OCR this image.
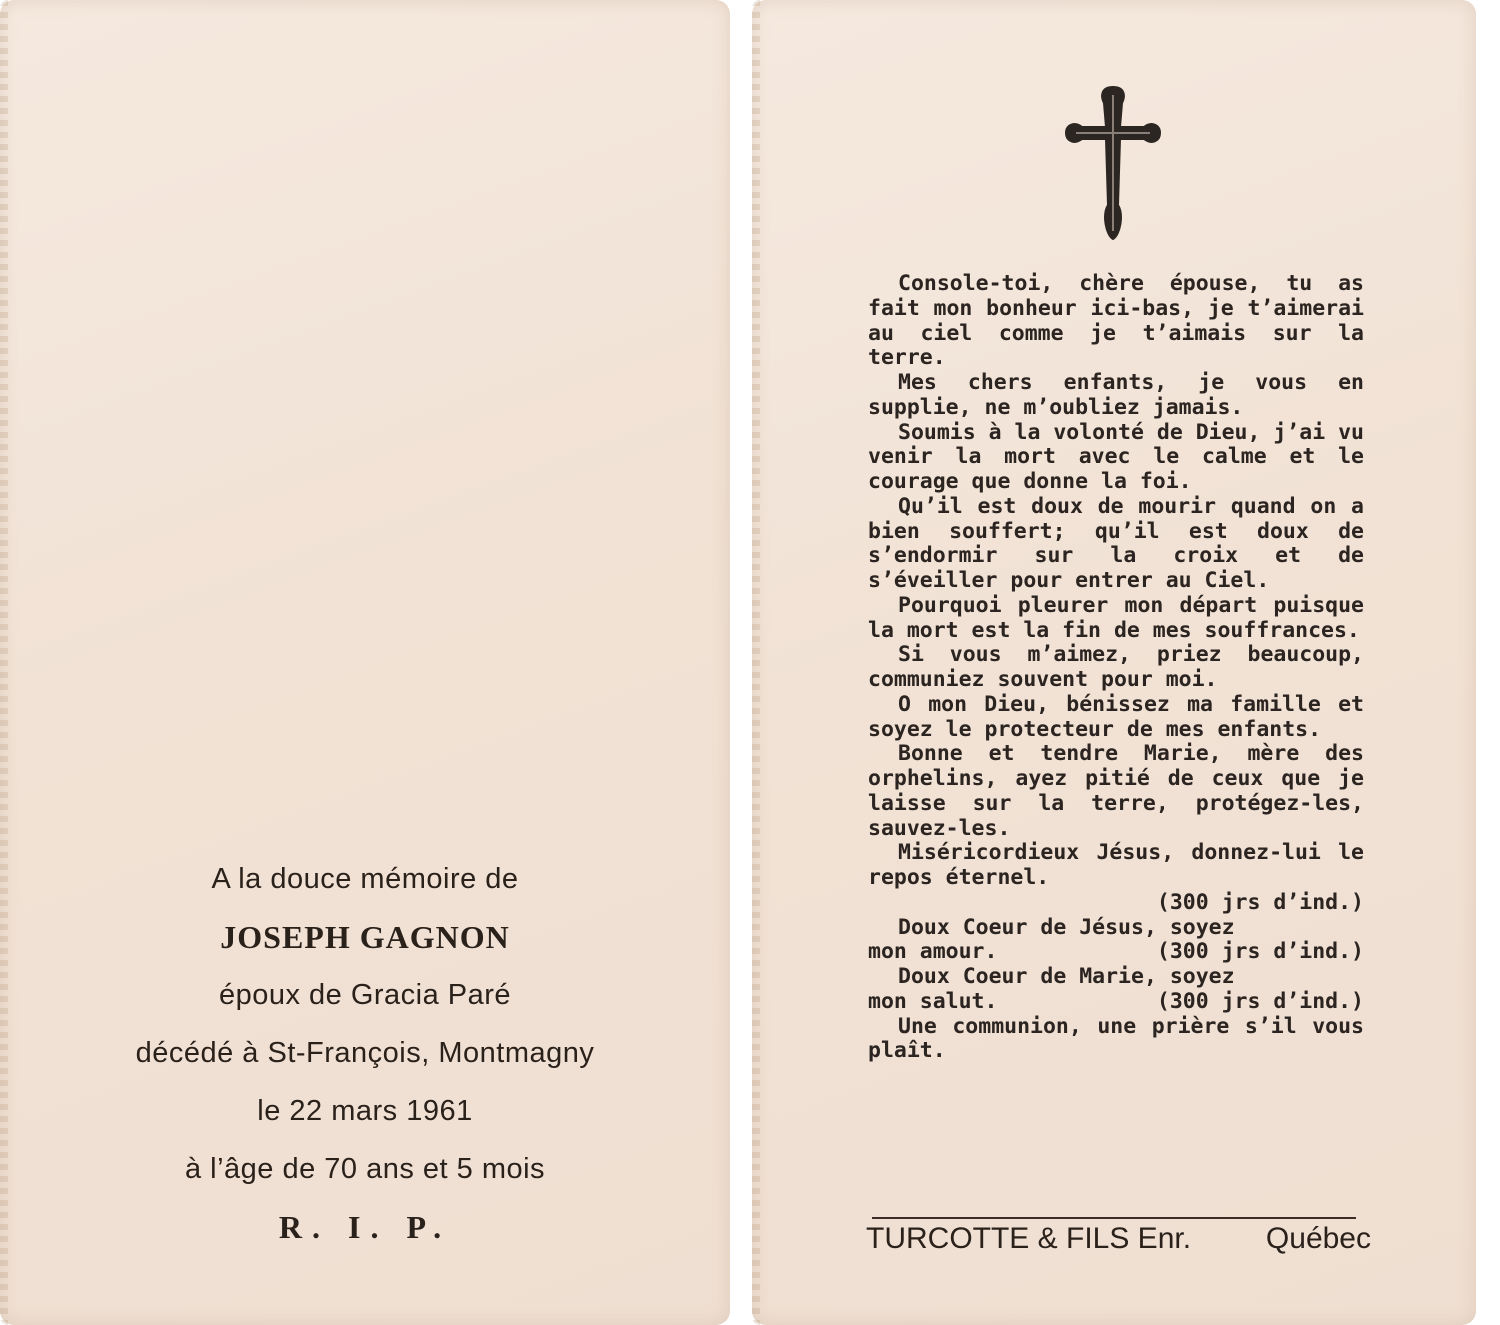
A la douce mémoire de
JOSEPH GAGNON
époux de Gracia Paré
décédé à St-François, Montmagny
le 22 mars 1961
à l’âge de 70 ans et 5 mois
R. I. P.
Console-toi, chère épouse, tu as fait mon bonheur ici-bas, je t’aimerai au ciel comme je t’aimais sur la terre.
Mes chers enfants, je vous en supplie, ne m’oubliez jamais.
Soumis à la volonté de Dieu, j’ai vu venir la mort avec le calme et le courage que donne la foi.
Qu’il est doux de mourir quand on a bien souffert; qu’il est doux de s’endormir sur la croix et de s’éveiller pour entrer au Ciel.
Pourquoi pleurer mon départ puisque la mort est la fin de mes souffrances.
Si vous m’aimez, priez beaucoup, communiez souvent pour moi.
O mon Dieu, bénissez ma famille et soyez le protecteur de mes enfants.
Bonne et tendre Marie, mère des orphelins, ayez pitié de ceux que je laisse sur la terre, protégez-les, sauvez-les.
Miséricordieux Jésus, donnez-lui le repos éternel.
(300 jrs d’ind.)
Doux Coeur de Jésus, soyez
mon amour.	(300 jrs d’ind.)
Doux Coeur de Marie, soyez
mon salut.	(300 jrs d’ind.)
Une communion, une prière s’il vous plaît.
TURCOTTE & FILS Enr. Québec
